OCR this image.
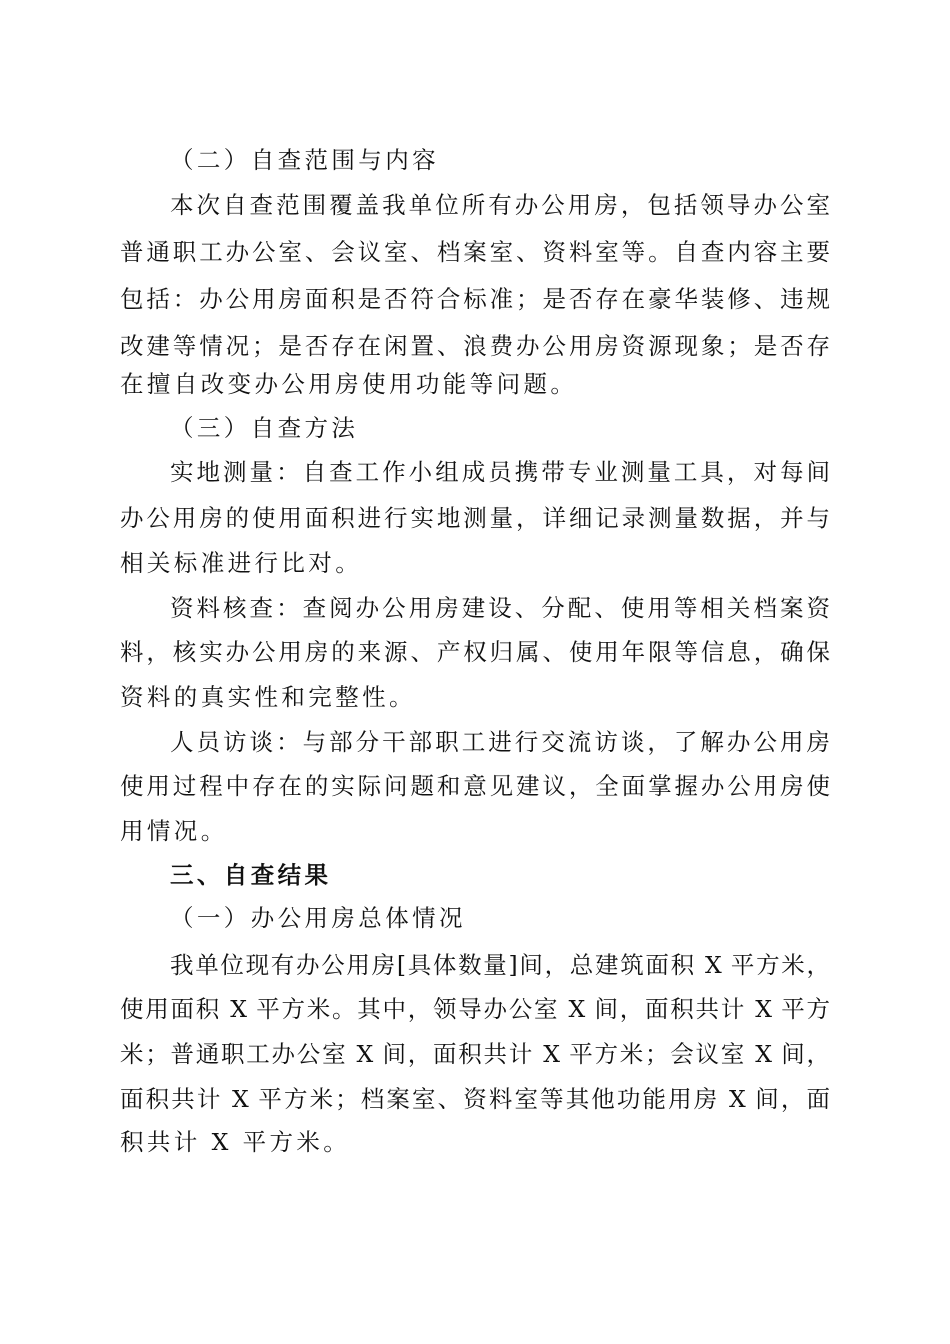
（二）自查范围与内容
本次自查范围覆盖我单位所有办公用房，包括领导办公室
普通职工办公室、会议室、档案室、资料室等。自查内容主要
包括：办公用房面积是否符合标准；是否存在豪华装修、违规
改建等情况；是否存在闲置、浪费办公用房资源现象；是否存
在擅自改变办公用房使用功能等问题。
（三）自查方法
实地测量：自查工作小组成员携带专业测量工具，对每间
办公用房的使用面积进行实地测量，详细记录测量数据，并与
相关标准进行比对。
资料核查：查阅办公用房建设、分配、使用等相关档案资
料，核实办公用房的来源、产权归属、使用年限等信息，确保
资料的真实性和完整性。
人员访谈：与部分干部职工进行交流访谈，了解办公用房
使用过程中存在的实际问题和意见建议，全面掌握办公用房使
用情况。
三、自查结果
（一）办公用房总体情况
我单位现有办公用房[具体数量]间，总建筑面积 X 平方米，
使用面积 X 平方米。其中，领导办公室 X 间，面积共计 X 平方
米；普通职工办公室 X 间，面积共计 X 平方米；会议室 X 间，
面积共计 X 平方米；档案室、资料室等其他功能用房 X 间，面
积共计 X 平方米。
